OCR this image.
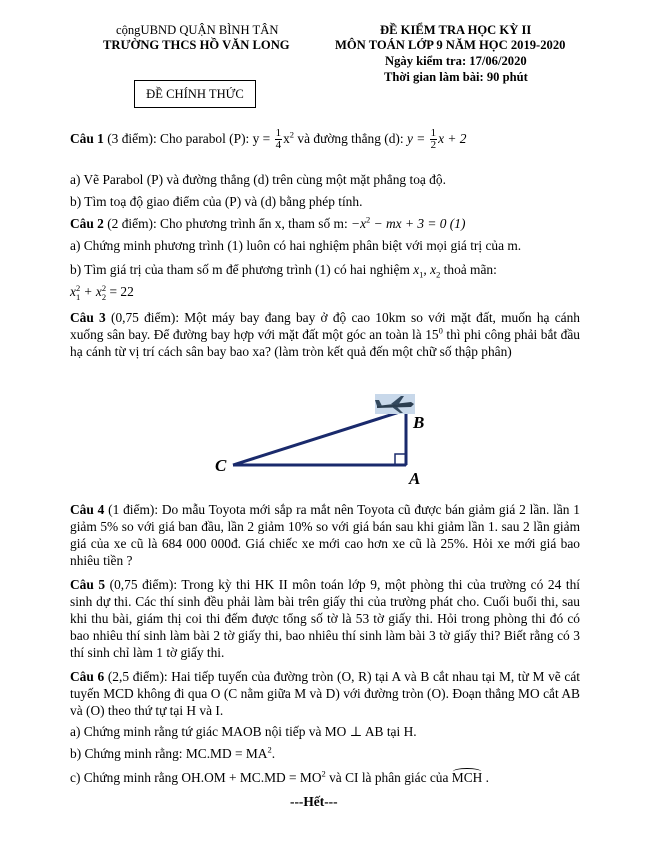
cộngUBND QUẬN BÌNH TÂN
TRƯỜNG THCS HỒ VĂN LONG
ĐỀ KIỂM TRA HỌC KỲ II
MÔN TOÁN LỚP 9 NĂM HỌC 2019-2020
Ngày kiểm tra: 17/06/2020
Thời gian làm bài: 90 phút
ĐỀ CHÍNH THỨC
Câu 1 (3 điểm): Cho parabol (P): $y = \frac{1}{4} x^2$ và đường thẳng (d): $y = \frac{1}{2}$ x + 2
a) Vẽ Parabol (P) và đường thẳng (d) trên cùng một mặt phẳng toạ độ.
b) Tìm toạ độ giao điểm của (P) và (d) bằng phép tính.
Câu 2 (2 điểm): Cho phương trình ẩn x, tham số m: $-x^2$ − mx + 3 = 0 (1)
a) Chứng minh phương trình (1) luôn có hai nghiệm phân biệt với mọi giá trị của m.
b) Tìm giá trị của tham số m để phương trình (1) có hai nghiệm $x_1$, $x_2$ thoả mãn:
x 2
1 + x 2
2 = 22
Câu 3 (0,75 điểm): Một máy bay đang bay ở độ cao 10km so với mặt đất, muốn hạ cánh xuống sân bay. Để đường bay hợp với mặt đất một góc an toàn là $15^0$ thì phi công phải bắt đầu hạ cánh từ vị trí cách sân bay bao xa? (làm tròn kết quả đến một chữ số thập phân)
B
C
A
Câu 4 (1 điểm): Do mẫu Toyota mới sắp ra mắt nên Toyota cũ được bán giảm giá 2 lần. lần 1 giảm 5% so với giá ban đầu, lần 2 giảm 10% so với giá bán sau khi giảm lần 1. sau 2 lần giảm giá của xe cũ là 684 000 000đ. Giá chiếc xe mới cao hơn xe cũ là 25%. Hỏi xe mới giá bao nhiêu tiền ?
Câu 5 (0,75 điểm): Trong kỳ thi HK II môn toán lớp 9, một phòng thi của trường có 24 thí sinh dự thi. Các thí sinh đều phải làm bài trên giấy thi của trường phát cho. Cuối buổi thi, sau khi thu bài, giám thị coi thi đếm được tổng số tờ là 53 tờ giấy thi. Hỏi trong phòng thi đó có bao nhiêu thí sinh làm bài 2 tờ giấy thi, bao nhiêu thí sinh làm bài 3 tờ giấy thi? Biết rằng có 3 thí sinh chỉ làm 1 tờ giấy thi.
Câu 6 (2,5 điểm): Hai tiếp tuyến của đường tròn (O, R) tại A và B cắt nhau tại M, từ M vẽ cát tuyến MCD không đi qua O (C nằm giữa M và D) với đường tròn (O). Đoạn thẳng MO cắt AB và (O) theo thứ tự tại H và I.
a) Chứng minh rằng tứ giác MAOB nội tiếp và MO ⊥ AB tại H.
b) Chứng minh rằng: $MC.MD = MA^2$.
c) Chứng minh rằng $OH.OM + MC.MD = MO^2$ và CI là phân giác của MCH .
---Hết---
